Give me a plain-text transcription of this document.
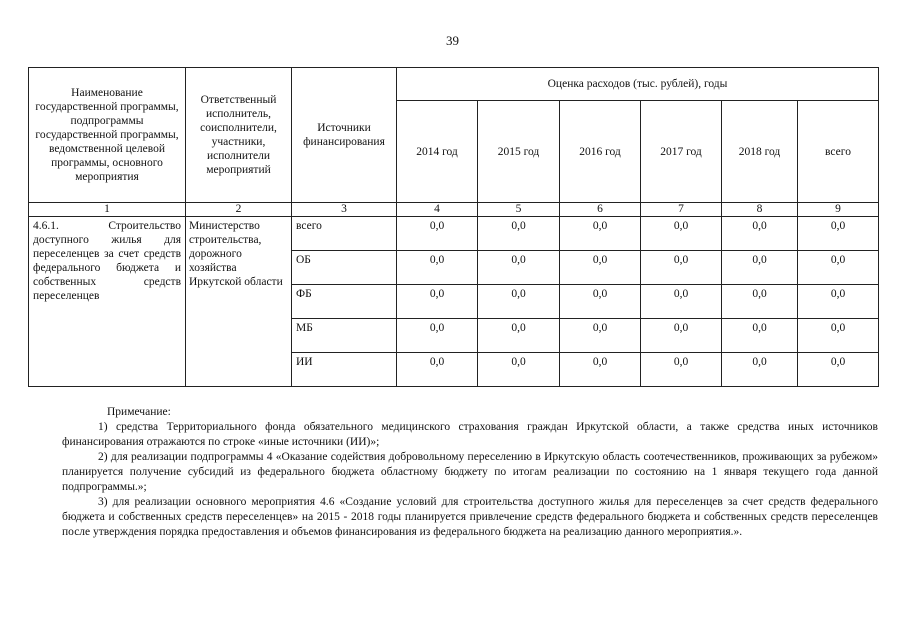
39
Наименование государственной программы, подпрограммы государственной программы, ведомственной целевой программы, основного мероприятия	Ответственный исполнитель, соисполнители, участники, исполнители мероприятий	Источники финансирования	Оценка расходов (тыс. рублей), годы					
			2014 год	2015 год	2016 год	2017 год	2018 год	всего
1	2	3	4	5	6	7	8	9
4.6.1. Строительство доступного жилья для переселенцев за счет средств федерального бюджета и собственных средств переселенцев	Министерство строительства, дорожного хозяйства Иркутской области	всего	0,0	0,0	0,0	0,0	0,0	0,0
		ОБ	0,0	0,0	0,0	0,0	0,0	0,0
		ФБ	0,0	0,0	0,0	0,0	0,0	0,0
		МБ	0,0	0,0	0,0	0,0	0,0	0,0
		ИИ	0,0	0,0	0,0	0,0	0,0	0,0

Примечание:

1) средства Территориального фонда обязательного медицинского страхования граждан Иркутской области, а также средства иных источников финансирования отражаются по строке «иные источники (ИИ)»;

2) для реализации подпрограммы 4 «Оказание содействия добровольному переселению в Иркутскую область соотечественников, проживающих за рубежом» планируется получение субсидий из федерального бюджета областному бюджету по итогам реализации по состоянию на 1 января текущего года данной подпрограммы.»;

3) для реализации основного мероприятия 4.6 «Создание условий для строительства доступного жилья для переселенцев за счет средств федерального бюджета и собственных средств переселенцев» на 2015 - 2018 годы планируется привлечение средств федерального бюджета и собственных средств переселенцев после утверждения порядка предоставления и объемов финансирования из федерального бюджета на реализацию данного мероприятия.».
